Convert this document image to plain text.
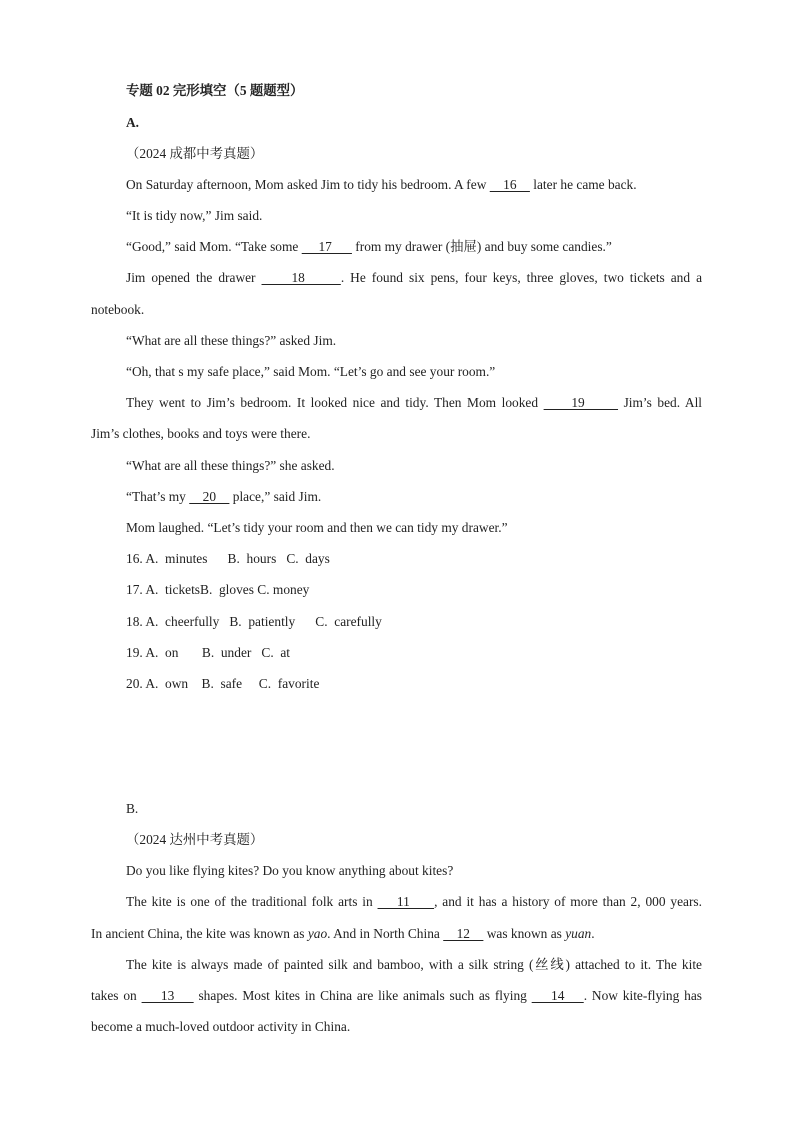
专题 02 完形填空（5 题题型）
A.
（2024 成都中考真题）
On Saturday afternoon, Mom asked Jim to tidy his bedroom. A few     16     later he came back.
“It is tidy now,” Jim said.
“Good,” said Mom. “Take some      17       from my drawer (抽屉) and buy some candies.”
Jim opened the drawer      18      . He found six pens, four keys, three gloves, two tickets and a
notebook.
“What are all these things?” asked Jim.
“Oh, that s my safe place,” said Mom. “Let’s go and see your room.”
They went to Jim’s bedroom. It looked nice and tidy. Then Mom looked      19       Jim’s bed. All
Jim’s clothes, books and toys were there.
“What are all these things?” she asked.
“That’s my     20     place,” said Jim.
Mom laughed. “Let’s tidy your room and then we can tidy my drawer.”
16. A.  minutes      B.  hours   C.  days
17. A.  ticketsB.  gloves C. money
18. A.  cheerfully   B.  patiently      C.  carefully
19. A.  on       B.  under   C.  at
20. A.  own    B.  safe     C.  favorite
B.
（2024 达州中考真题）
Do you like flying kites? Do you know anything about kites?
The kite is one of the traditional folk arts in     11     , and it has a history of more than 2, 000 years.
In ancient China, the kite was known as yao. And in North China     12     was known as yuan.
The kite is always made of painted silk and bamboo, with a silk string (丝线) attached to it. The kite
takes on     13     shapes. Most kites in China are like animals such as flying     14    . Now kite-flying has
become a much-loved outdoor activity in China.
